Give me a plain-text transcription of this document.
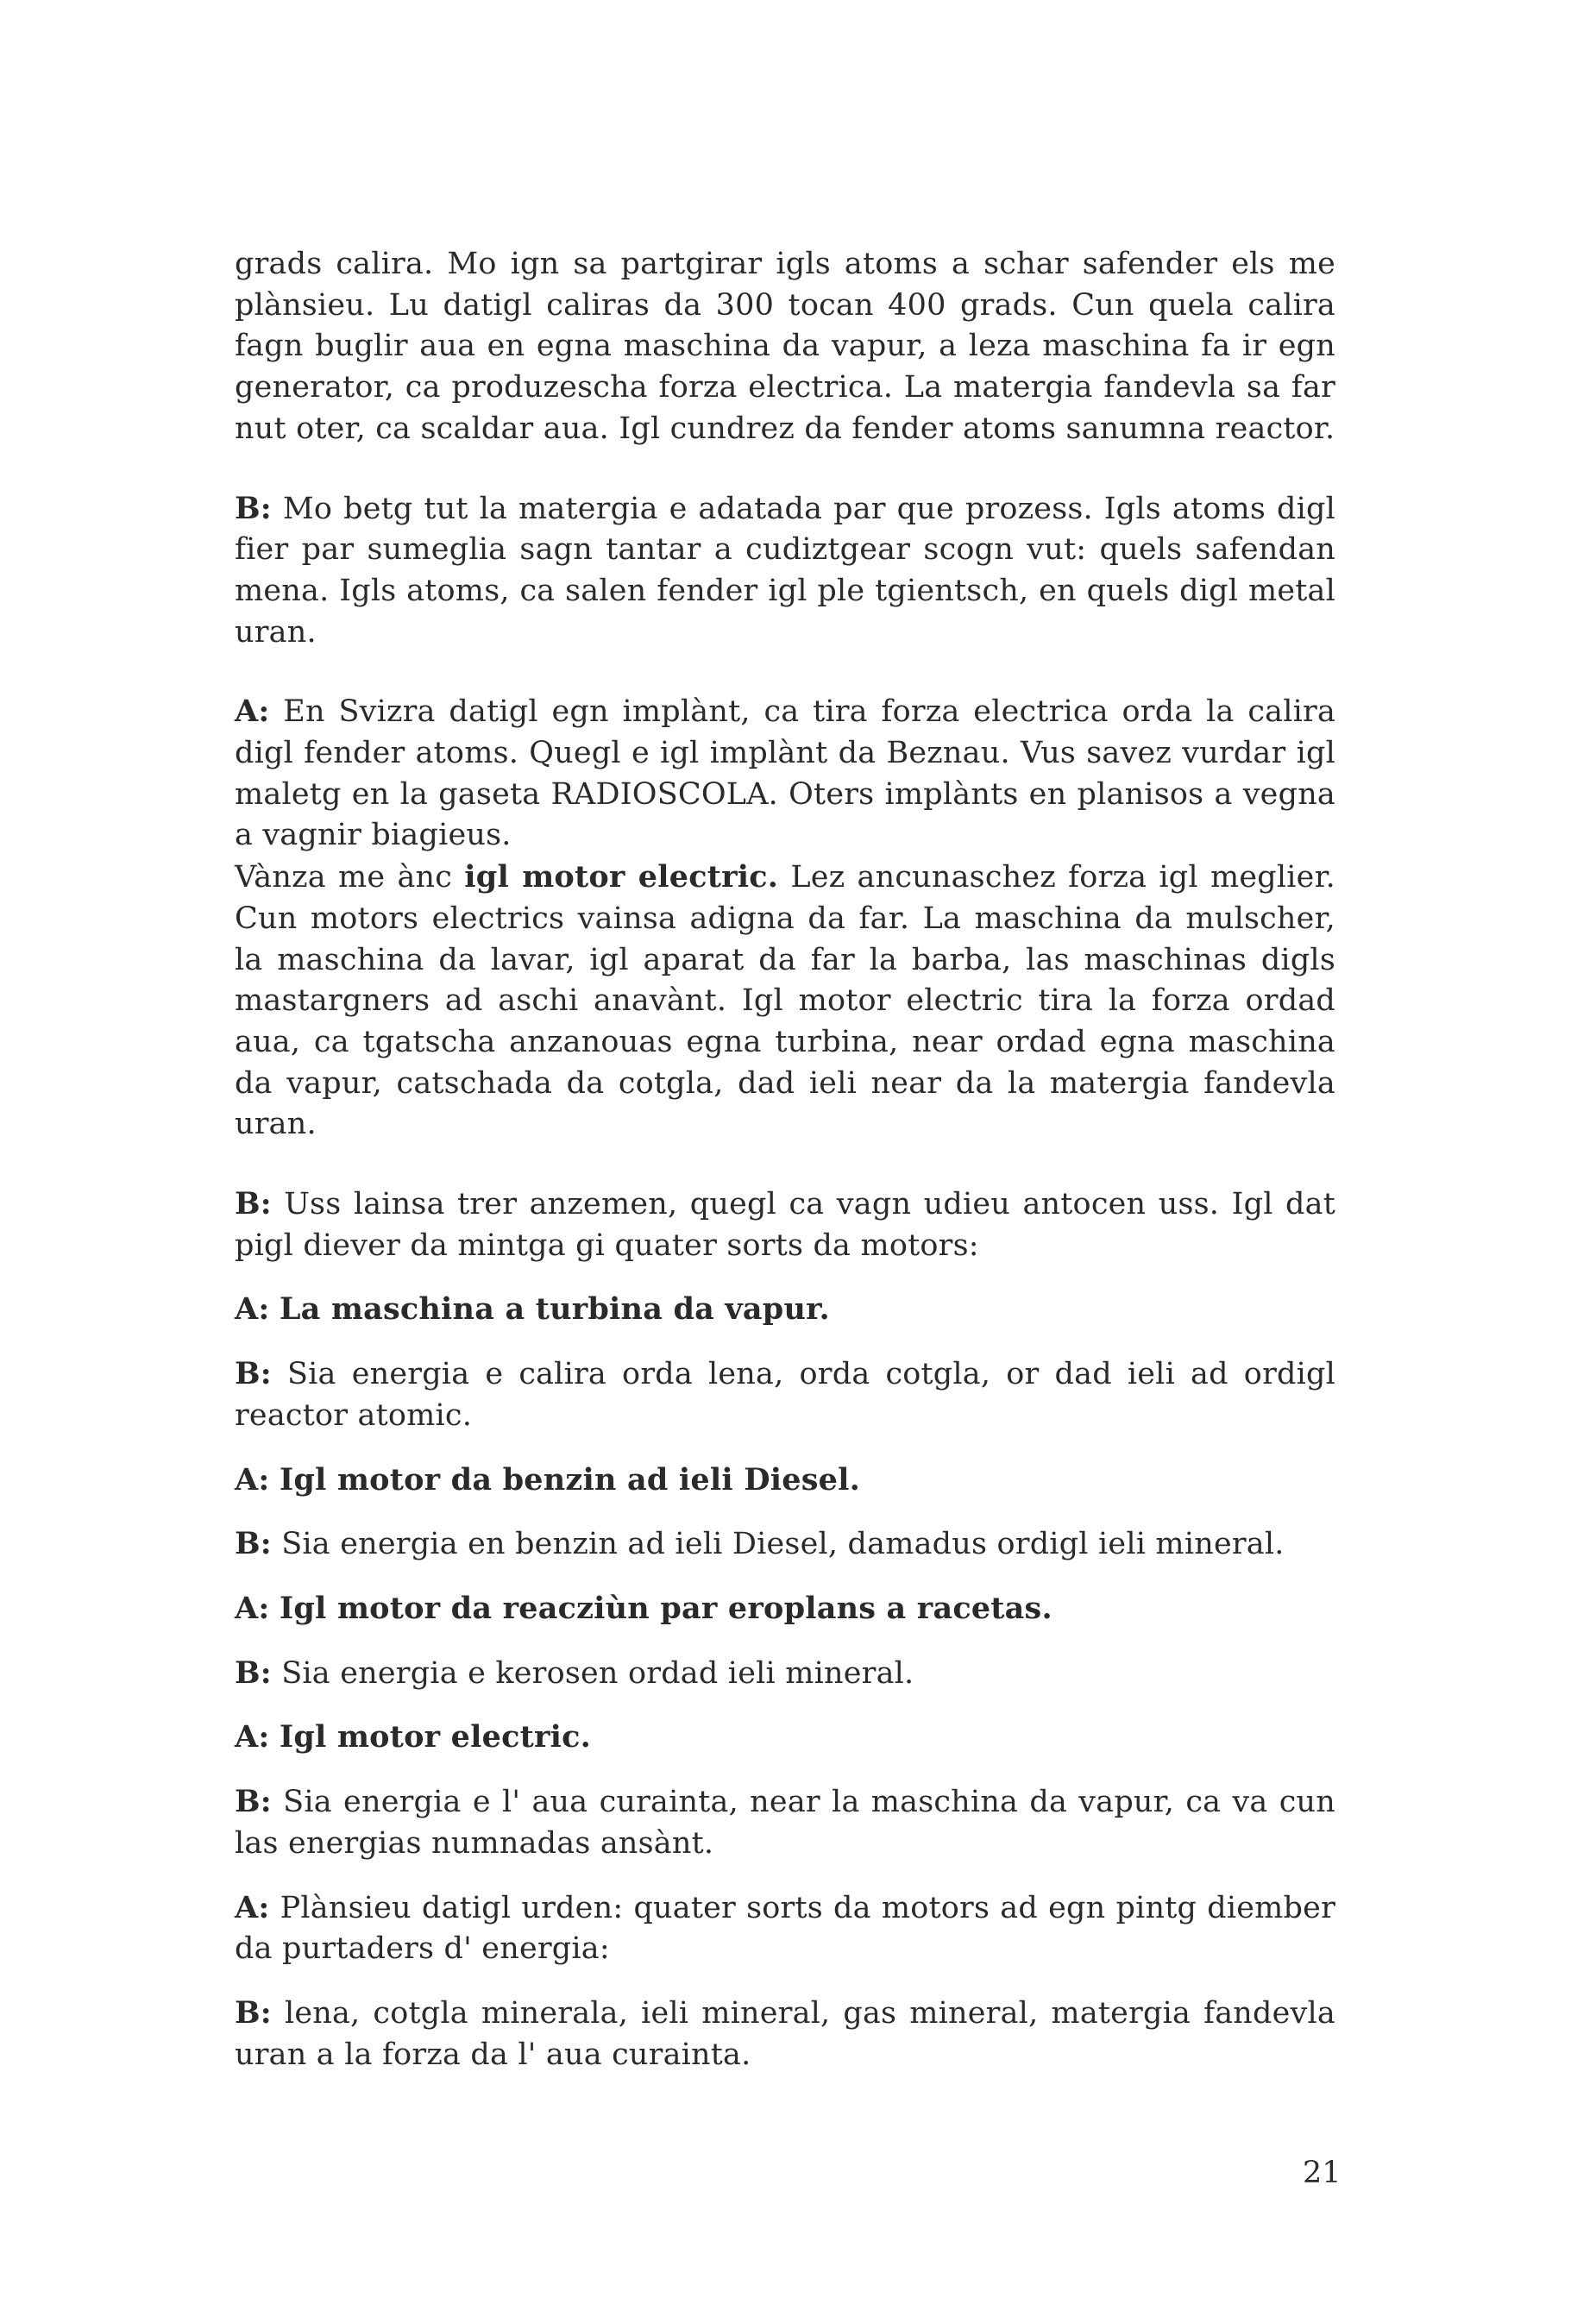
grads calira. Mo ign sa partgirar igls atoms a schar safender els me plànsieu. Lu datigl caliras da 300 tocan 400 grads. Cun quela calira fagn buglir aua en egna maschina da vapur, a leza maschina fa ir egn generator, ca produzescha forza electrica. La matergia fandevla sa far nut oter, ca scaldar aua. Igl cundrez da fender atoms sanumna reactor.

B: Mo betg tut la matergia e adatada par que prozess. Igls atoms digl fier par sumeglia sagn tantar a cudiztgear scogn vut: quels safendan mena. Igls atoms, ca salen fender igl ple tgientsch, en quels digl metal uran.

A: En Svizra datigl egn implànt, ca tira forza electrica orda la calira digl fender atoms. Quegl e igl implànt da Beznau. Vus savez vurdar igl maletg en la gaseta RADIOSCOLA. Oters implànts en planisos a vegna a vagnir biagieus.

Vànza me ànc igl motor electric. Lez ancunaschez forza igl meglier. Cun motors electrics vainsa adigna da far. La maschina da mulscher, la maschina da lavar, igl aparat da far la barba, las maschinas digls mastargners ad aschi anavànt. Igl motor electric tira la forza ordad aua, ca tgatscha anzanouas egna turbina, near ordad egna maschina da vapur, catschada da cotgla, dad ieli near da la matergia fandevla uran.

B: Uss lainsa trer anzemen, quegl ca vagn udieu antocen uss. Igl dat pigl diever da mintga gi quater sorts da motors:

A: La maschina a turbina da vapur.

B: Sia energia e calira orda lena, orda cotgla, or dad ieli ad ordigl reactor atomic.

A: Igl motor da benzin ad ieli Diesel.

B: Sia energia en benzin ad ieli Diesel, damadus ordigl ieli mineral.

A: Igl motor da reacziùn par eroplans a racetas.

B: Sia energia e kerosen ordad ieli mineral.

A: Igl motor electric.

B: Sia energia e l' aua curainta, near la maschina da vapur, ca va cun las energias numnadas ansànt.

A: Plànsieu datigl urden: quater sorts da motors ad egn pintg diember da purtaders d' energia:

B: lena, cotgla minerala, ieli mineral, gas mineral, matergia fandevla uran a la forza da l' aua curainta.

21
